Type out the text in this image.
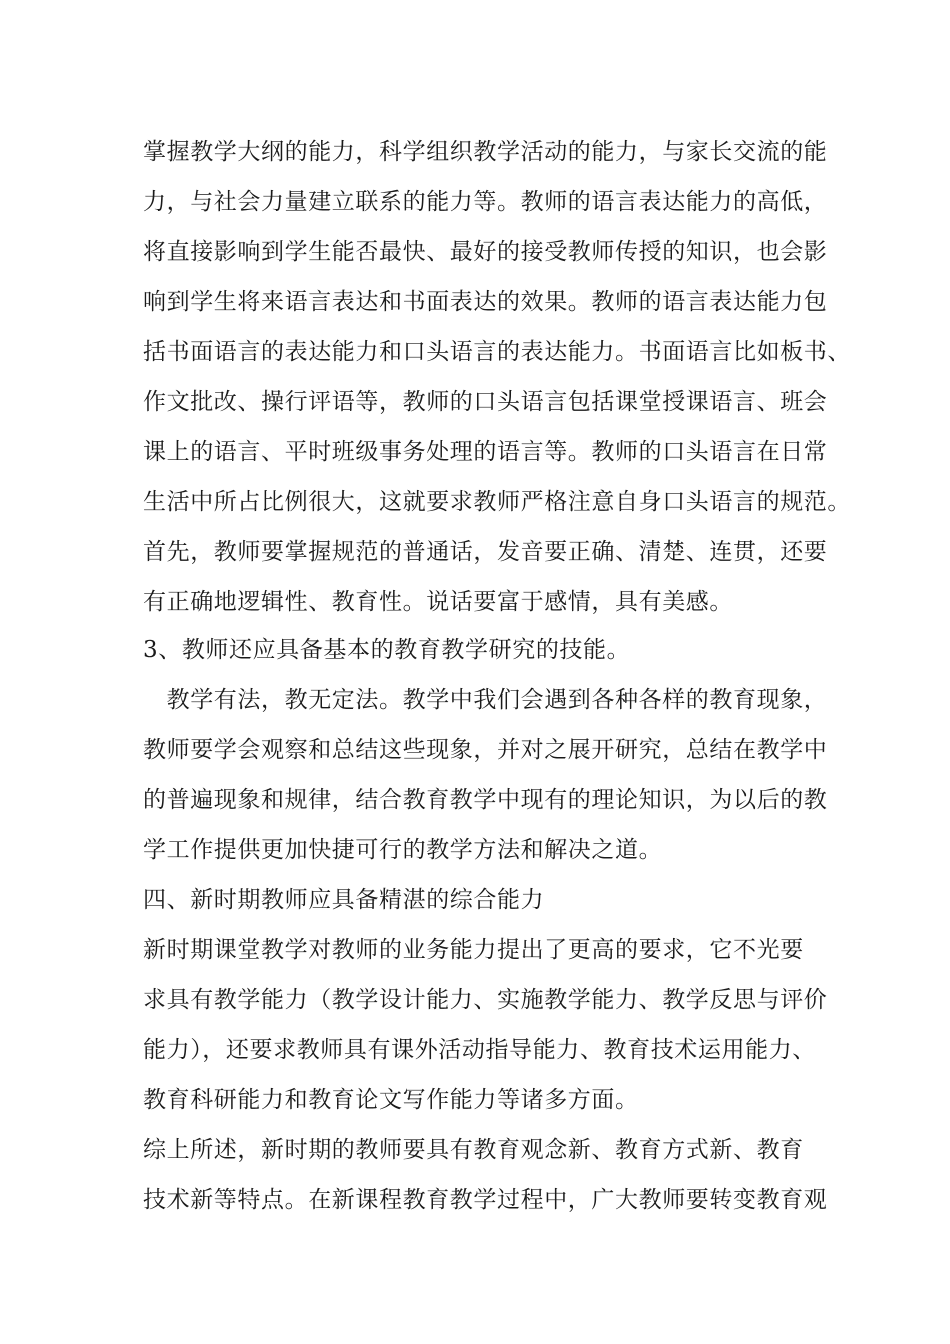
掌握教学大纲的能力，科学组织教学活动的能力，与家长交流的能
力，与社会力量建立联系的能力等。教师的语言表达能力的高低，
将直接影响到学生能否最快、最好的接受教师传授的知识，也会影
响到学生将来语言表达和书面表达的效果。教师的语言表达能力包
括书面语言的表达能力和口头语言的表达能力。书面语言比如板书、
作文批改、操行评语等，教师的口头语言包括课堂授课语言、班会
课上的语言、平时班级事务处理的语言等。教师的口头语言在日常
生活中所占比例很大，这就要求教师严格注意自身口头语言的规范。
首先，教师要掌握规范的普通话，发音要正确、清楚、连贯，还要
有正确地逻辑性、教育性。说话要富于感情，具有美感。
3、教师还应具备基本的教育教学研究的技能。
　教学有法，教无定法。教学中我们会遇到各种各样的教育现象，
教师要学会观察和总结这些现象，并对之展开研究，总结在教学中
的普遍现象和规律，结合教育教学中现有的理论知识，为以后的教
学工作提供更加快捷可行的教学方法和解决之道。
四、新时期教师应具备精湛的综合能力
新时期课堂教学对教师的业务能力提出了更高的要求，它不光要
求具有教学能力（教学设计能力、实施教学能力、教学反思与评价
能力），还要求教师具有课外活动指导能力、教育技术运用能力、
教育科研能力和教育论文写作能力等诸多方面。
综上所述，新时期的教师要具有教育观念新、教育方式新、教育
技术新等特点。在新课程教育教学过程中，广大教师要转变教育观
